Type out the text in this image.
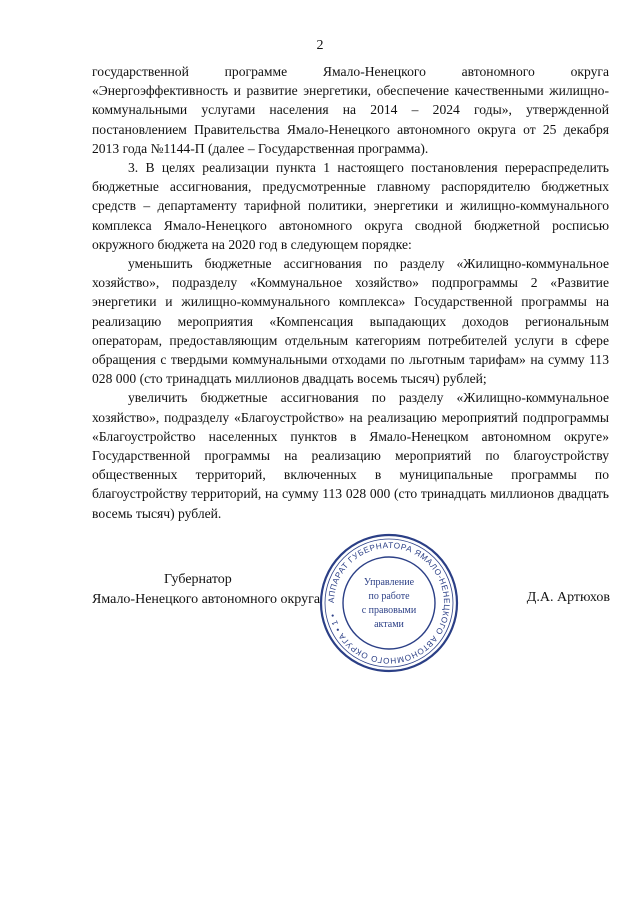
2

государственной программе Ямало-Ненецкого автономного округа «Энергоэффективность и развитие энергетики, обеспечение качественными жилищно-коммунальными услугами населения на 2014 – 2024 годы», утвержденной постановлением Правительства Ямало-Ненецкого автономного округа от 25 декабря 2013 года №1144-П (далее – Государственная программа).

3. В целях реализации пункта 1 настоящего постановления перераспределить бюджетные ассигнования, предусмотренные главному распорядителю бюджетных средств – департаменту тарифной политики, энергетики и жилищно-коммунального комплекса Ямало-Ненецкого автономного округа сводной бюджетной росписью окружного бюджета на 2020 год в следующем порядке:

уменьшить бюджетные ассигнования по разделу «Жилищно-коммунальное хозяйство», подразделу «Коммунальное хозяйство» подпрограммы 2 «Развитие энергетики и жилищно-коммунального комплекса» Государственной программы на реализацию мероприятия «Компенсация выпадающих доходов региональным операторам, предоставляющим отдельным категориям потребителей услуги в сфере обращения с твердыми коммунальными отходами по льготным тарифам» на сумму 113 028 000 (сто тринадцать миллионов двадцать восемь тысяч) рублей;

увеличить бюджетные ассигнования по разделу «Жилищно-коммунальное хозяйство», подразделу «Благоустройство» на реализацию мероприятий подпрограммы «Благоустройство населенных пунктов в Ямало-Ненецком автономном округе» Государственной программы на реализацию мероприятий по благоустройству общественных территорий, включенных в муниципальные программы по благоустройству территорий, на сумму 113 028 000 (сто тринадцать миллионов двадцать восемь тысяч) рублей.

Губернатор
Ямало-Ненецкого автономного округа АППАРАТ ГУБЕРНАТОРА ЯМАЛО-НЕНЕЦКОГО АВТОНОМНОГО ОКРУГА • 1 •
Управление
по работе
с правовыми
актами
Д.А. Артюхов
